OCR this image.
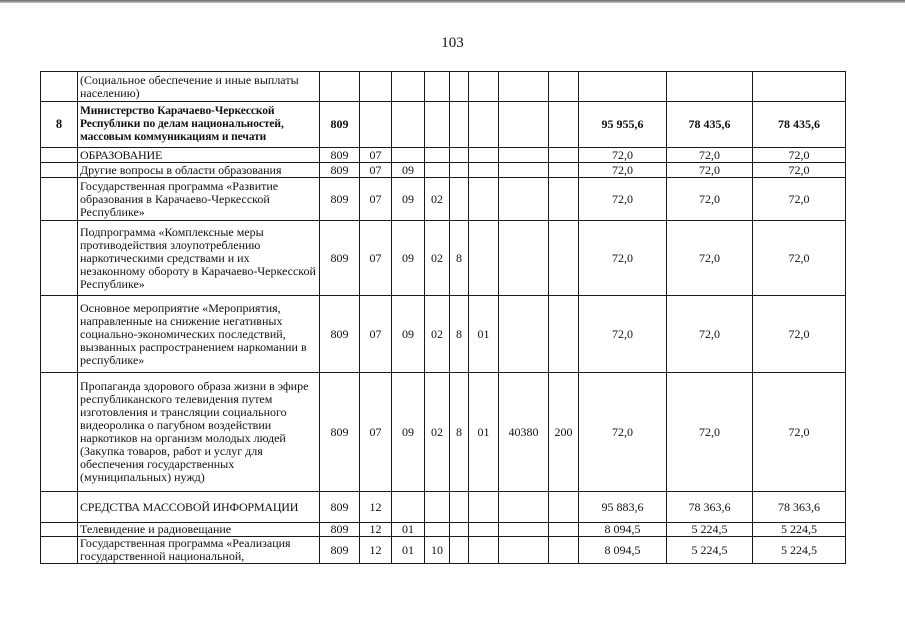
103
	(Социальное обеспечение и иные выплаты населению)											
8	Министерство Карачаево-Черкесской Республики по делам национальностей, массовым коммуникациям и печати	809								95 955,6	78 435,6	78 435,6
	ОБРАЗОВАНИЕ	809	07							72,0	72,0	72,0
	Другие вопросы в области образования	809	07	09						72,0	72,0	72,0
	Государственная программа «Развитие образования в Карачаево-Черкесской Республике»	809	07	09	02					72,0	72,0	72,0
	Подпрограмма «Комплексные меры противодействия злоупотреблению наркотическими средствами и их незаконному обороту в Карачаево-Черкесской Республике»	809	07	09	02	8				72,0	72,0	72,0
	Основное мероприятие «Мероприятия, направленные на снижение негативных социально-экономических последствий, вызванных распространением наркомании в республике»	809	07	09	02	8	01			72,0	72,0	72,0
	Пропаганда здорового образа жизни в эфире республиканского телевидения путем изготовления и трансляции социального видеоролика о пагубном воздействии наркотиков на организм молодых людей (Закупка товаров, работ и услуг для обеспечения государственных (муниципальных) нужд)	809	07	09	02	8	01	40380	200	72,0	72,0	72,0
	СРЕДСТВА МАССОВОЙ ИНФОРМАЦИИ	809	12							95 883,6	78 363,6	78 363,6
	Телевидение и радиовещание	809	12	01						8 094,5	5 224,5	5 224,5
	Государственная программа «Реализация государственной национальной,	809	12	01	10					8 094,5	5 224,5	5 224,5
